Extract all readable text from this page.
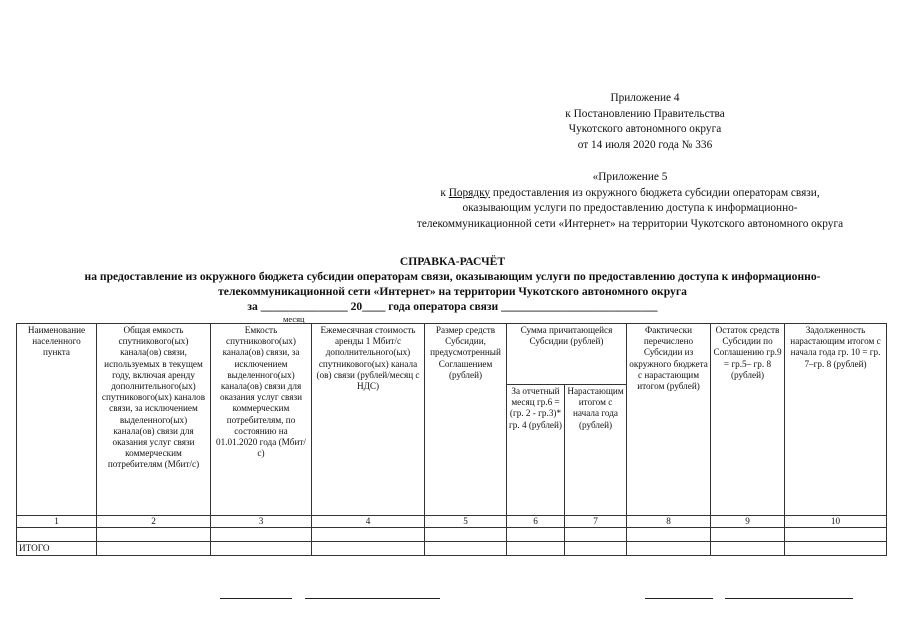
Приложение 4
к Постановлению Правительства
Чукотского автономного округа
от 14 июля 2020 года № 336
«Приложение 5
к Порядку предоставления из окружного бюджета субсидии операторам связи,
оказывающим услуги по предоставлению доступа к информационно-
телекоммуникационной сети «Интернет» на территории Чукотского автономного округа
СПРАВКА-РАСЧЁТ
на предоставление из окружного бюджета субсидии операторам связи, оказывающим услуги по предоставлению доступа к информационно-
телекоммуникационной сети «Интернет» на территории Чукотского автономного округа
за _______________ 20____ года оператора связи ___________________________
месяц
Наименование населенного пункта	Общая емкость спутникового(ых) канала(ов) связи, используемых в текущем году, включая аренду дополнительного(ых) спутникового(ых) каналов связи, за исключением выделенного(ых) канала(ов) связи для оказания услуг связи коммерческим потребителям (Мбит/с)	Емкость спутникового(ых) канала(ов) связи, за исключением выделенного(ых) канала(ов) связи для оказания услуг связи коммерческим потребителям, по состоянию на 01.01.2020 года (Мбит/с)	Ежемесячная стоимость аренды 1 Мбит/с дополнительного(ых) спутникового(ых) канала (ов) связи (рублей/месяц с НДС)	Размер средств Субсидии, предусмотренный Соглашением (рублей)	Сумма причитающейся Субсидии (рублей)		Фактически перечислено Субсидии из окружного бюджета с нарастающим итогом (рублей)	Остаток средств Субсидии по Соглашению гр.9 = гр.5– гр. 8 (рублей)	Задолженность нарастающим итогом с начала года гр. 10 = гр. 7–гр. 8 (рублей)
					За отчетный месяц гр.6 = (гр. 2 - гр.3)* гр. 4 (рублей)	Нарастающим итогом с начала года (рублей)			
1	2	3	4	5	6	7	8	9	10

ИТОГО									
